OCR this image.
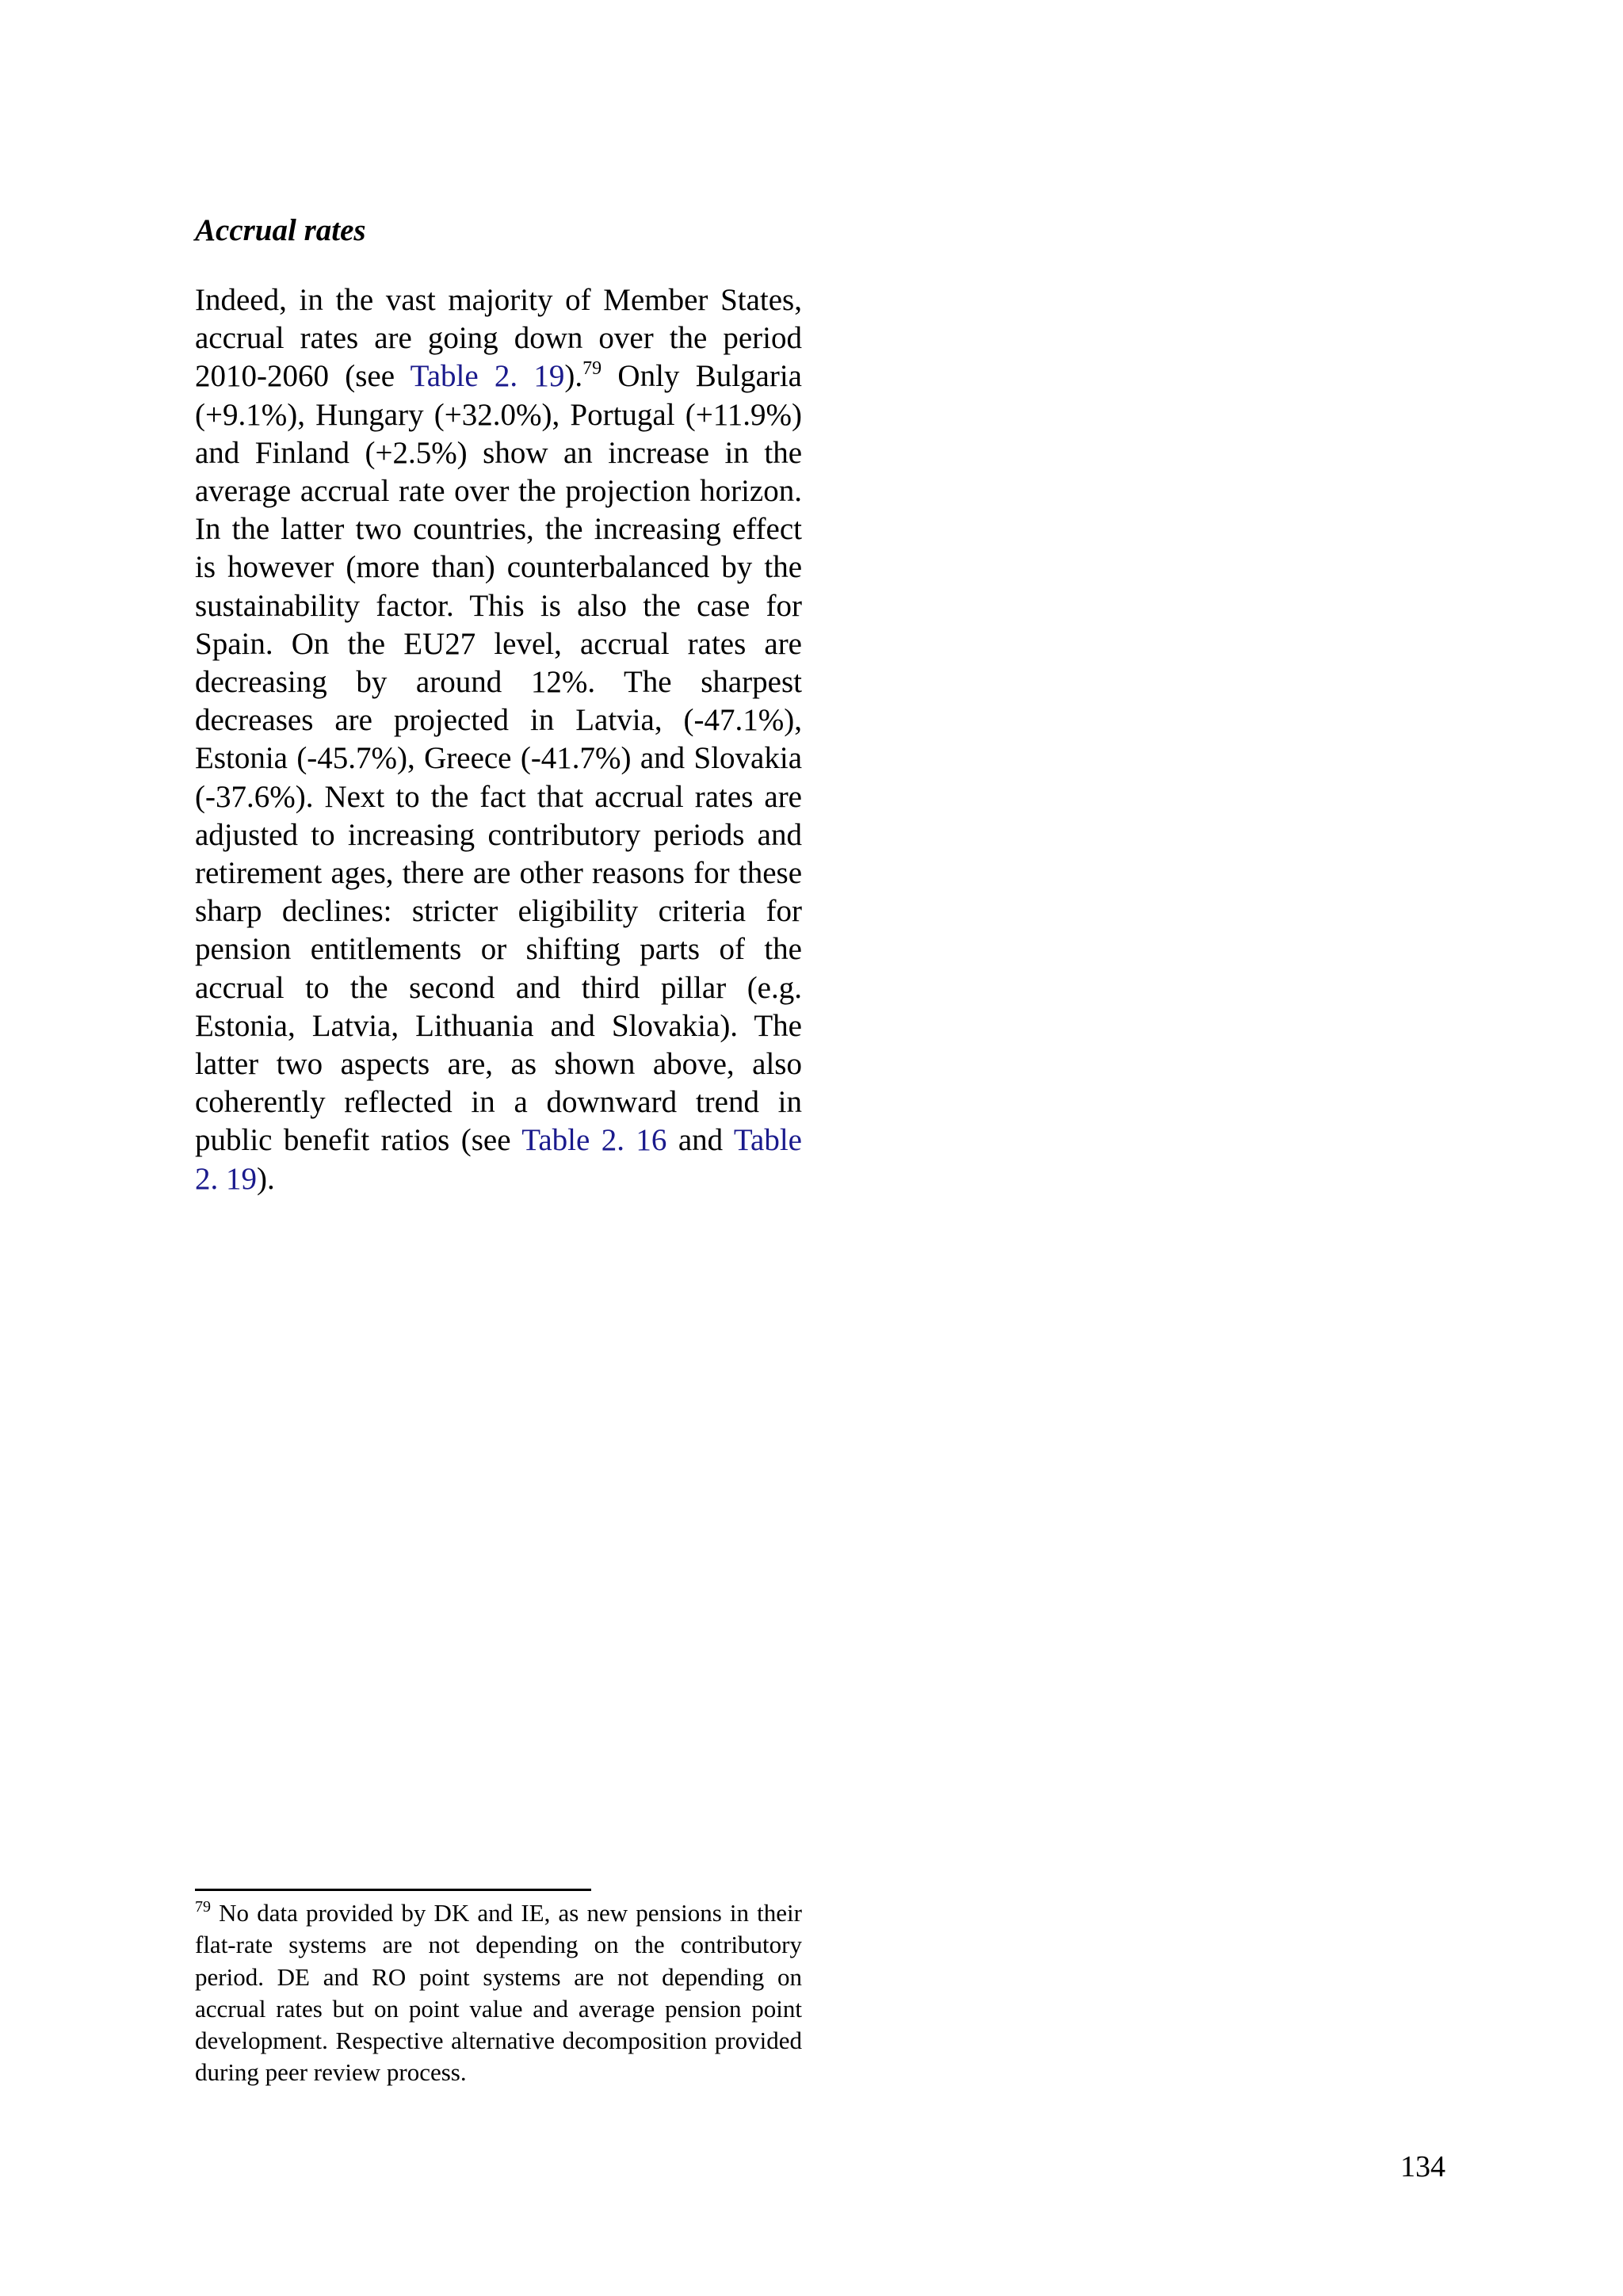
Accrual rates

Indeed, in the vast majority of Member States, accrual rates are going down over the period 2010-2060 (see Table 2. 19).$^{79}$ Only Bulgaria (+9.1%), Hungary (+32.0%), Portugal (+11.9%) and Finland (+2.5%) show an increase in the average accrual rate over the projection horizon. In the latter two countries, the increasing effect is however (more than) counterbalanced by the sustainability factor. This is also the case for Spain. On the EU27 level, accrual rates are decreasing by around 12%. The sharpest decreases are projected in Latvia, (-47.1%), Estonia (-45.7%), Greece (-41.7%) and Slovakia (-37.6%). Next to the fact that accrual rates are adjusted to increasing contributory periods and retirement ages, there are other reasons for these sharp declines: stricter eligibility criteria for pension entitlements or shifting parts of the accrual to the second and third pillar (e.g. Estonia, Latvia, Lithuania and Slovakia). The latter two aspects are, as shown above, also coherently reflected in a downward trend in public benefit ratios (see Table 2. 16 and Table 2. 19).

$^{79}$ No data provided by DK and IE, as new pensions in their flat-rate systems are not depending on the contributory period. DE and RO point systems are not depending on accrual rates but on point value and average pension point development. Respective alternative decomposition provided during peer review process.

134
